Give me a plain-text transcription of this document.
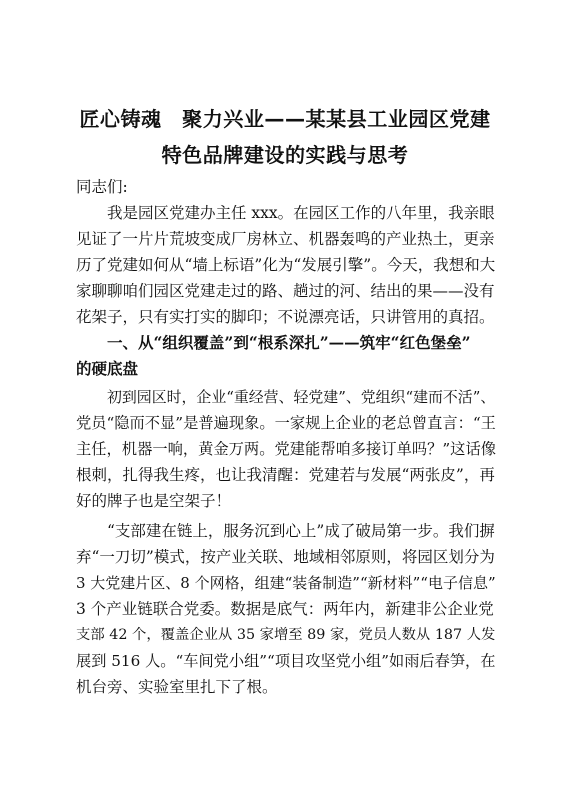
匠心铸魂　聚力兴业——某某县工业园区党建
特色品牌建设的实践与思考
同志们:
我是园区党建办主任 xxx。在园区工作的八年里，我亲眼
见证了一片片荒坡变成厂房林立、机器轰鸣的产业热土，更亲
历了党建如何从“墙上标语”化为“发展引擎”。今天，我想和大
家聊聊咱们园区党建走过的路、趟过的河、结出的果——没有
花架子，只有实打实的脚印；不说漂亮话，只讲管用的真招。
一、从“组织覆盖”到“根系深扎”——筑牢“红色堡垒”
的硬底盘
初到园区时，企业“重经营、轻党建”、党组织“建而不活”、
党员“隐而不显”是普遍现象。一家规上企业的老总曾直言：“王
主任，机器一响，黄金万两。党建能帮咱多接订单吗？”这话像
根刺，扎得我生疼，也让我清醒：党建若与发展“两张皮”，再
好的牌子也是空架子！
“支部建在链上，服务沉到心上”成了破局第一步。我们摒
弃“一刀切”模式，按产业关联、地域相邻原则，将园区划分为
3 大党建片区、8 个网格，组建“装备制造”“新材料”“电子信息”
3 个产业链联合党委。数据是底气：两年内，新建非公企业党
支部 42 个，覆盖企业从 35 家增至 89 家，党员人数从 187 人发
展到 516 人。“车间党小组”“项目攻坚党小组”如雨后春笋，在
机台旁、实验室里扎下了根。
